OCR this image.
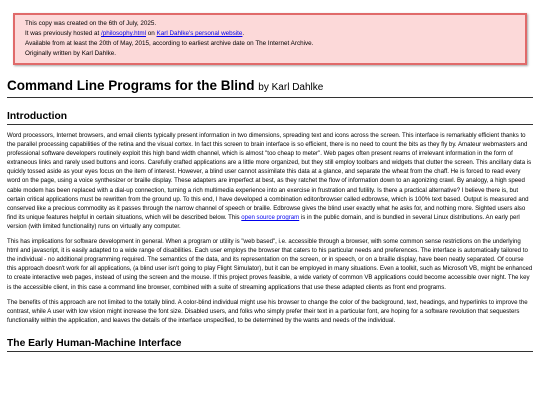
This copy was created on the 6th of July, 2025.

It was previously hosted at /philosophy.html on Karl Dahlke's personal website.

Available from at least the 20th of May, 2015, according to earliest archive date on The Internet Archive.

Originally written by Karl Dahlke.

Command Line Programs for the Blind by Karl Dahlke
Introduction

Word processors, Internet browsers, and email clients typically present information in two dimensions, spreading text and icons across the screen. This interface is remarkably efficient thanks to the parallel processing capabilities of the retina and the visual cortex. In fact this screen to brain interface is so efficient, there is no need to count the bits as they fly by. Amateur webmasters and professional software developers routinely exploit this high band width channel, which is almost "too cheap to meter". Web pages often present reams of irrelevant information in the form of extraneous links and rarely used buttons and icons. Carefully crafted applications are a little more organized, but they still employ toolbars and widgets that clutter the screen. This ancillary data is quickly tossed aside as your eyes focus on the item of interest. However, a blind user cannot assimilate this data at a glance, and separate the wheat from the chaff. He is forced to read every word on the page, using a voice synthesizer or braille display. These adapters are imperfect at best, as they ratchet the flow of information down to an agonizing crawl. By analogy, a high speed cable modem has been replaced with a dial-up connection, turning a rich multimedia experience into an exercise in frustration and futility. Is there a practical alternative? I believe there is, but certain critical applications must be rewritten from the ground up. To this end, I have developed a combination editor/browser called edbrowse, which is 100% text based. Output is measured and conserved like a precious commodity as it passes through the narrow channel of speech or braille. Edbrowse gives the blind user exactly what he asks for, and nothing more. Sighted users also find its unique features helpful in certain situations, which will be described below. This open source program is in the public domain, and is bundled in several Linux distributions. An early perl version (with limited functionality) runs on virtually any computer.

This has implications for software development in general. When a program or utility is "web based", i.e. accessible through a browser, with some common sense restrictions on the underlying html and javascript, it is easily adapted to a wide range of disabilities. Each user employs the browser that caters to his particular needs and preferences. The interface is automatically tailored to the individual - no additional programming required. The semantics of the data, and its representation on the screen, or in speech, or on a braille display, have been neatly separated. Of course this approach doesn't work for all applications, (a blind user isn't going to play Flight Simulator), but it can be employed in many situations. Even a toolkit, such as Microsoft VB, might be enhanced to create interactive web pages, instead of using the screen and the mouse. If this project proves feasible, a wide variety of common VB applications could become accessible over night. The key is the accessible client, in this case a command line browser, combined with a suite of streaming applications that use these adapted clients as front end programs.

The benefits of this approach are not limited to the totally blind. A color-blind individual might use his browser to change the color of the background, text, headings, and hyperlinks to improve the contrast, while A user with low vision might increase the font size. Disabled users, and folks who simply prefer their text in a particular font, are hoping for a software revolution that sequesters functionality within the application, and leaves the details of the interface unspecified, to be determined by the wants and needs of the individual.

The Early Human-Machine Interface
